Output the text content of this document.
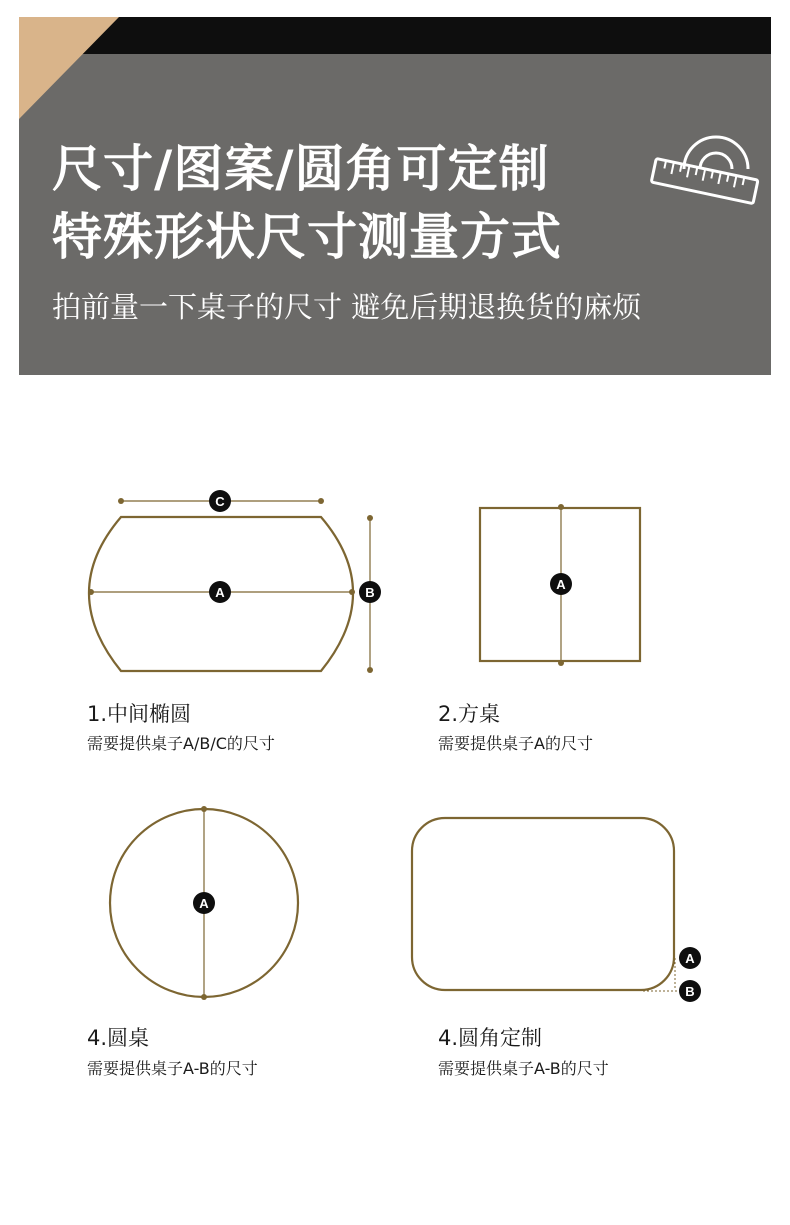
尺寸/图案/圆角可定制
特殊形状尺寸测量方式
拍前量一下桌子的尺寸 避免后期退换货的麻烦
A
C
B
1.中间椭圆
需要提供桌子A/B/C的尺寸
A
2.方桌
需要提供桌子A的尺寸
A
4.圆桌
需要提供桌子A-B的尺寸
A
B
4.圆角定制
需要提供桌子A-B的尺寸
